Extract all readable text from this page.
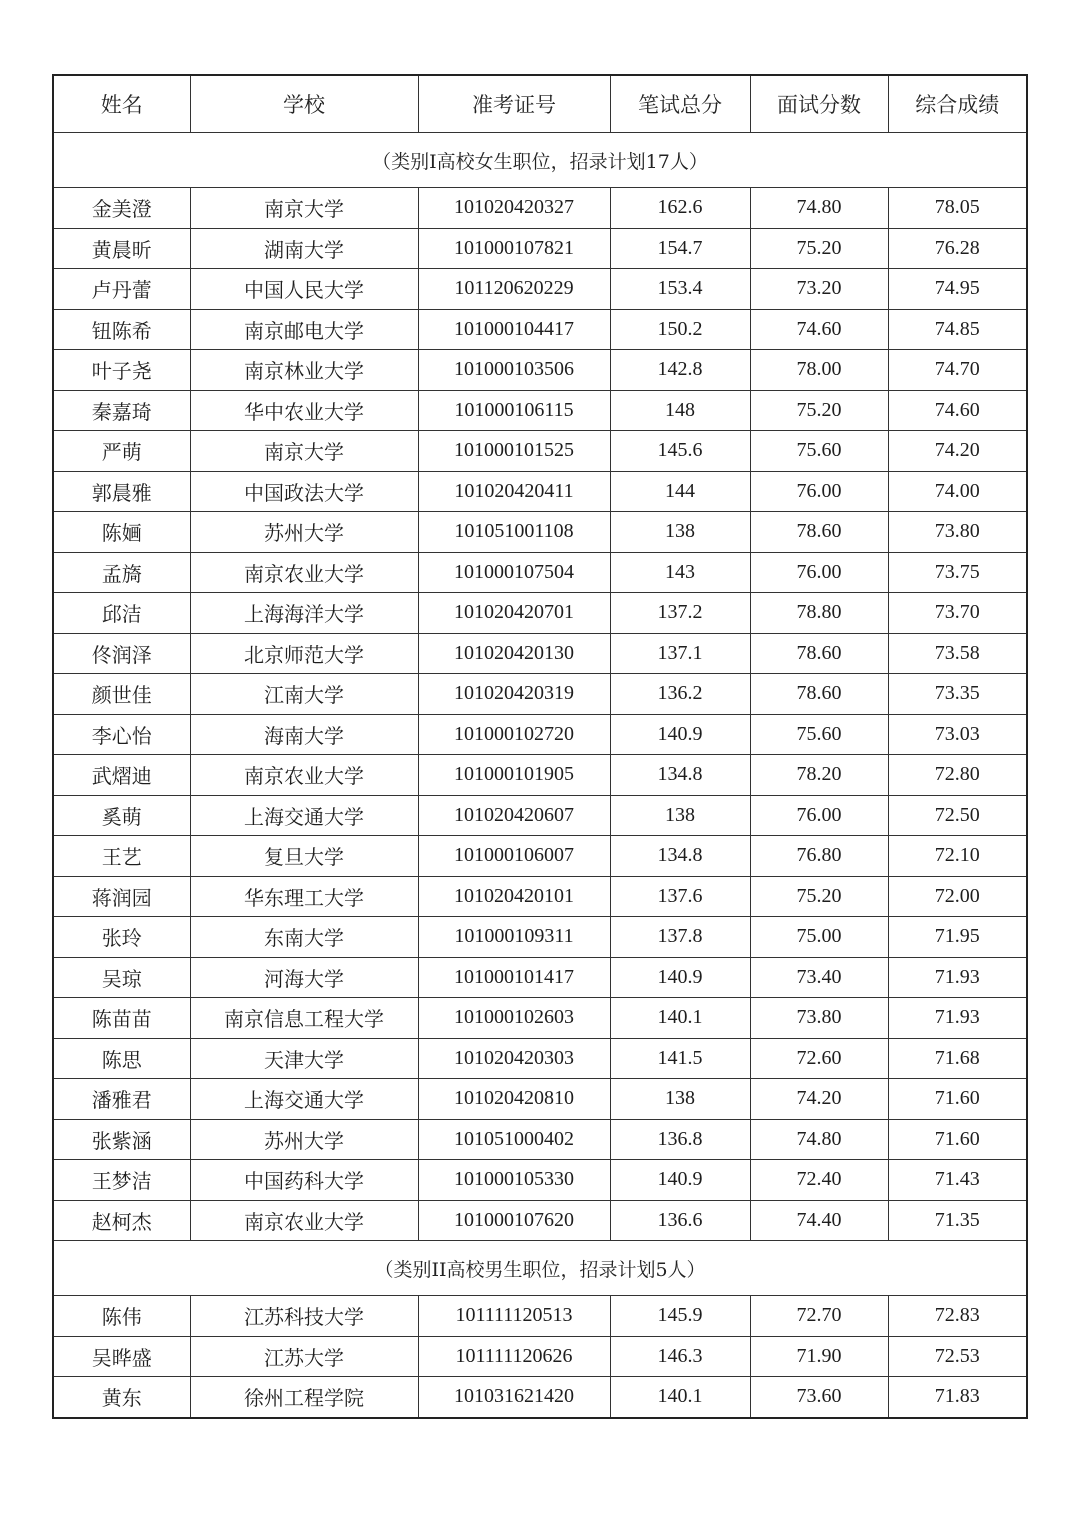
姓名	学校	准考证号	笔试总分	面试分数	综合成绩
（类别I高校女生职位，招录计划17人）					
金美澄	南京大学	101020420327	162.6	74.80	78.05
黄晨昕	湖南大学	101000107821	154.7	75.20	76.28
卢丹蕾	中国人民大学	101120620229	153.4	73.20	74.95
钮陈希	南京邮电大学	101000104417	150.2	74.60	74.85
叶子尧	南京林业大学	101000103506	142.8	78.00	74.70
秦嘉琦	华中农业大学	101000106115	148	75.20	74.60
严萌	南京大学	101000101525	145.6	75.60	74.20
郭晨雅	中国政法大学	101020420411	144	76.00	74.00
陈婳	苏州大学	101051001108	138	78.60	73.80
孟旖	南京农业大学	101000107504	143	76.00	73.75
邱洁	上海海洋大学	101020420701	137.2	78.80	73.70
佟润泽	北京师范大学	101020420130	137.1	78.60	73.58
颜世佳	江南大学	101020420319	136.2	78.60	73.35
李心怡	海南大学	101000102720	140.9	75.60	73.03
武熠迪	南京农业大学	101000101905	134.8	78.20	72.80
奚萌	上海交通大学	101020420607	138	76.00	72.50
王艺	复旦大学	101000106007	134.8	76.80	72.10
蒋润园	华东理工大学	101020420101	137.6	75.20	72.00
张玲	东南大学	101000109311	137.8	75.00	71.95
吴琼	河海大学	101000101417	140.9	73.40	71.93
陈苗苗	南京信息工程大学	101000102603	140.1	73.80	71.93
陈思	天津大学	101020420303	141.5	72.60	71.68
潘雅君	上海交通大学	101020420810	138	74.20	71.60
张紫涵	苏州大学	101051000402	136.8	74.80	71.60
王梦洁	中国药科大学	101000105330	140.9	72.40	71.43
赵柯杰	南京农业大学	101000107620	136.6	74.40	71.35
（类别II高校男生职位，招录计划5人）					
陈伟	江苏科技大学	101111120513	145.9	72.70	72.83
吴晔盛	江苏大学	101111120626	146.3	71.90	72.53
黄东	徐州工程学院	101031621420	140.1	73.60	71.83
